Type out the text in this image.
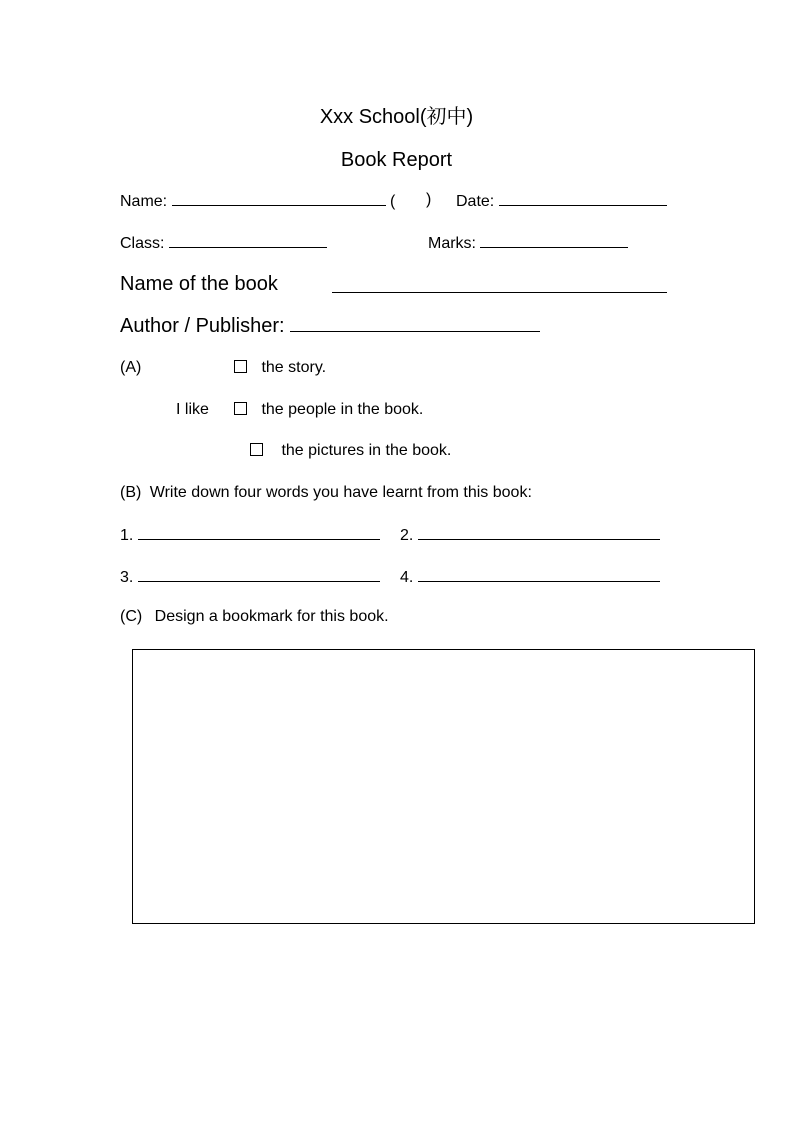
Xxx School(初中)
Book Report
Name:	( ) Date:
Class:	Marks:
Name of the book
Author / Publisher:
(A)	the story.
I like	the people in the book.
the pictures in the book.
(B) Write down four words you have learnt from this book:
1.	2.
3.	4.
(C) Design a bookmark for this book.
